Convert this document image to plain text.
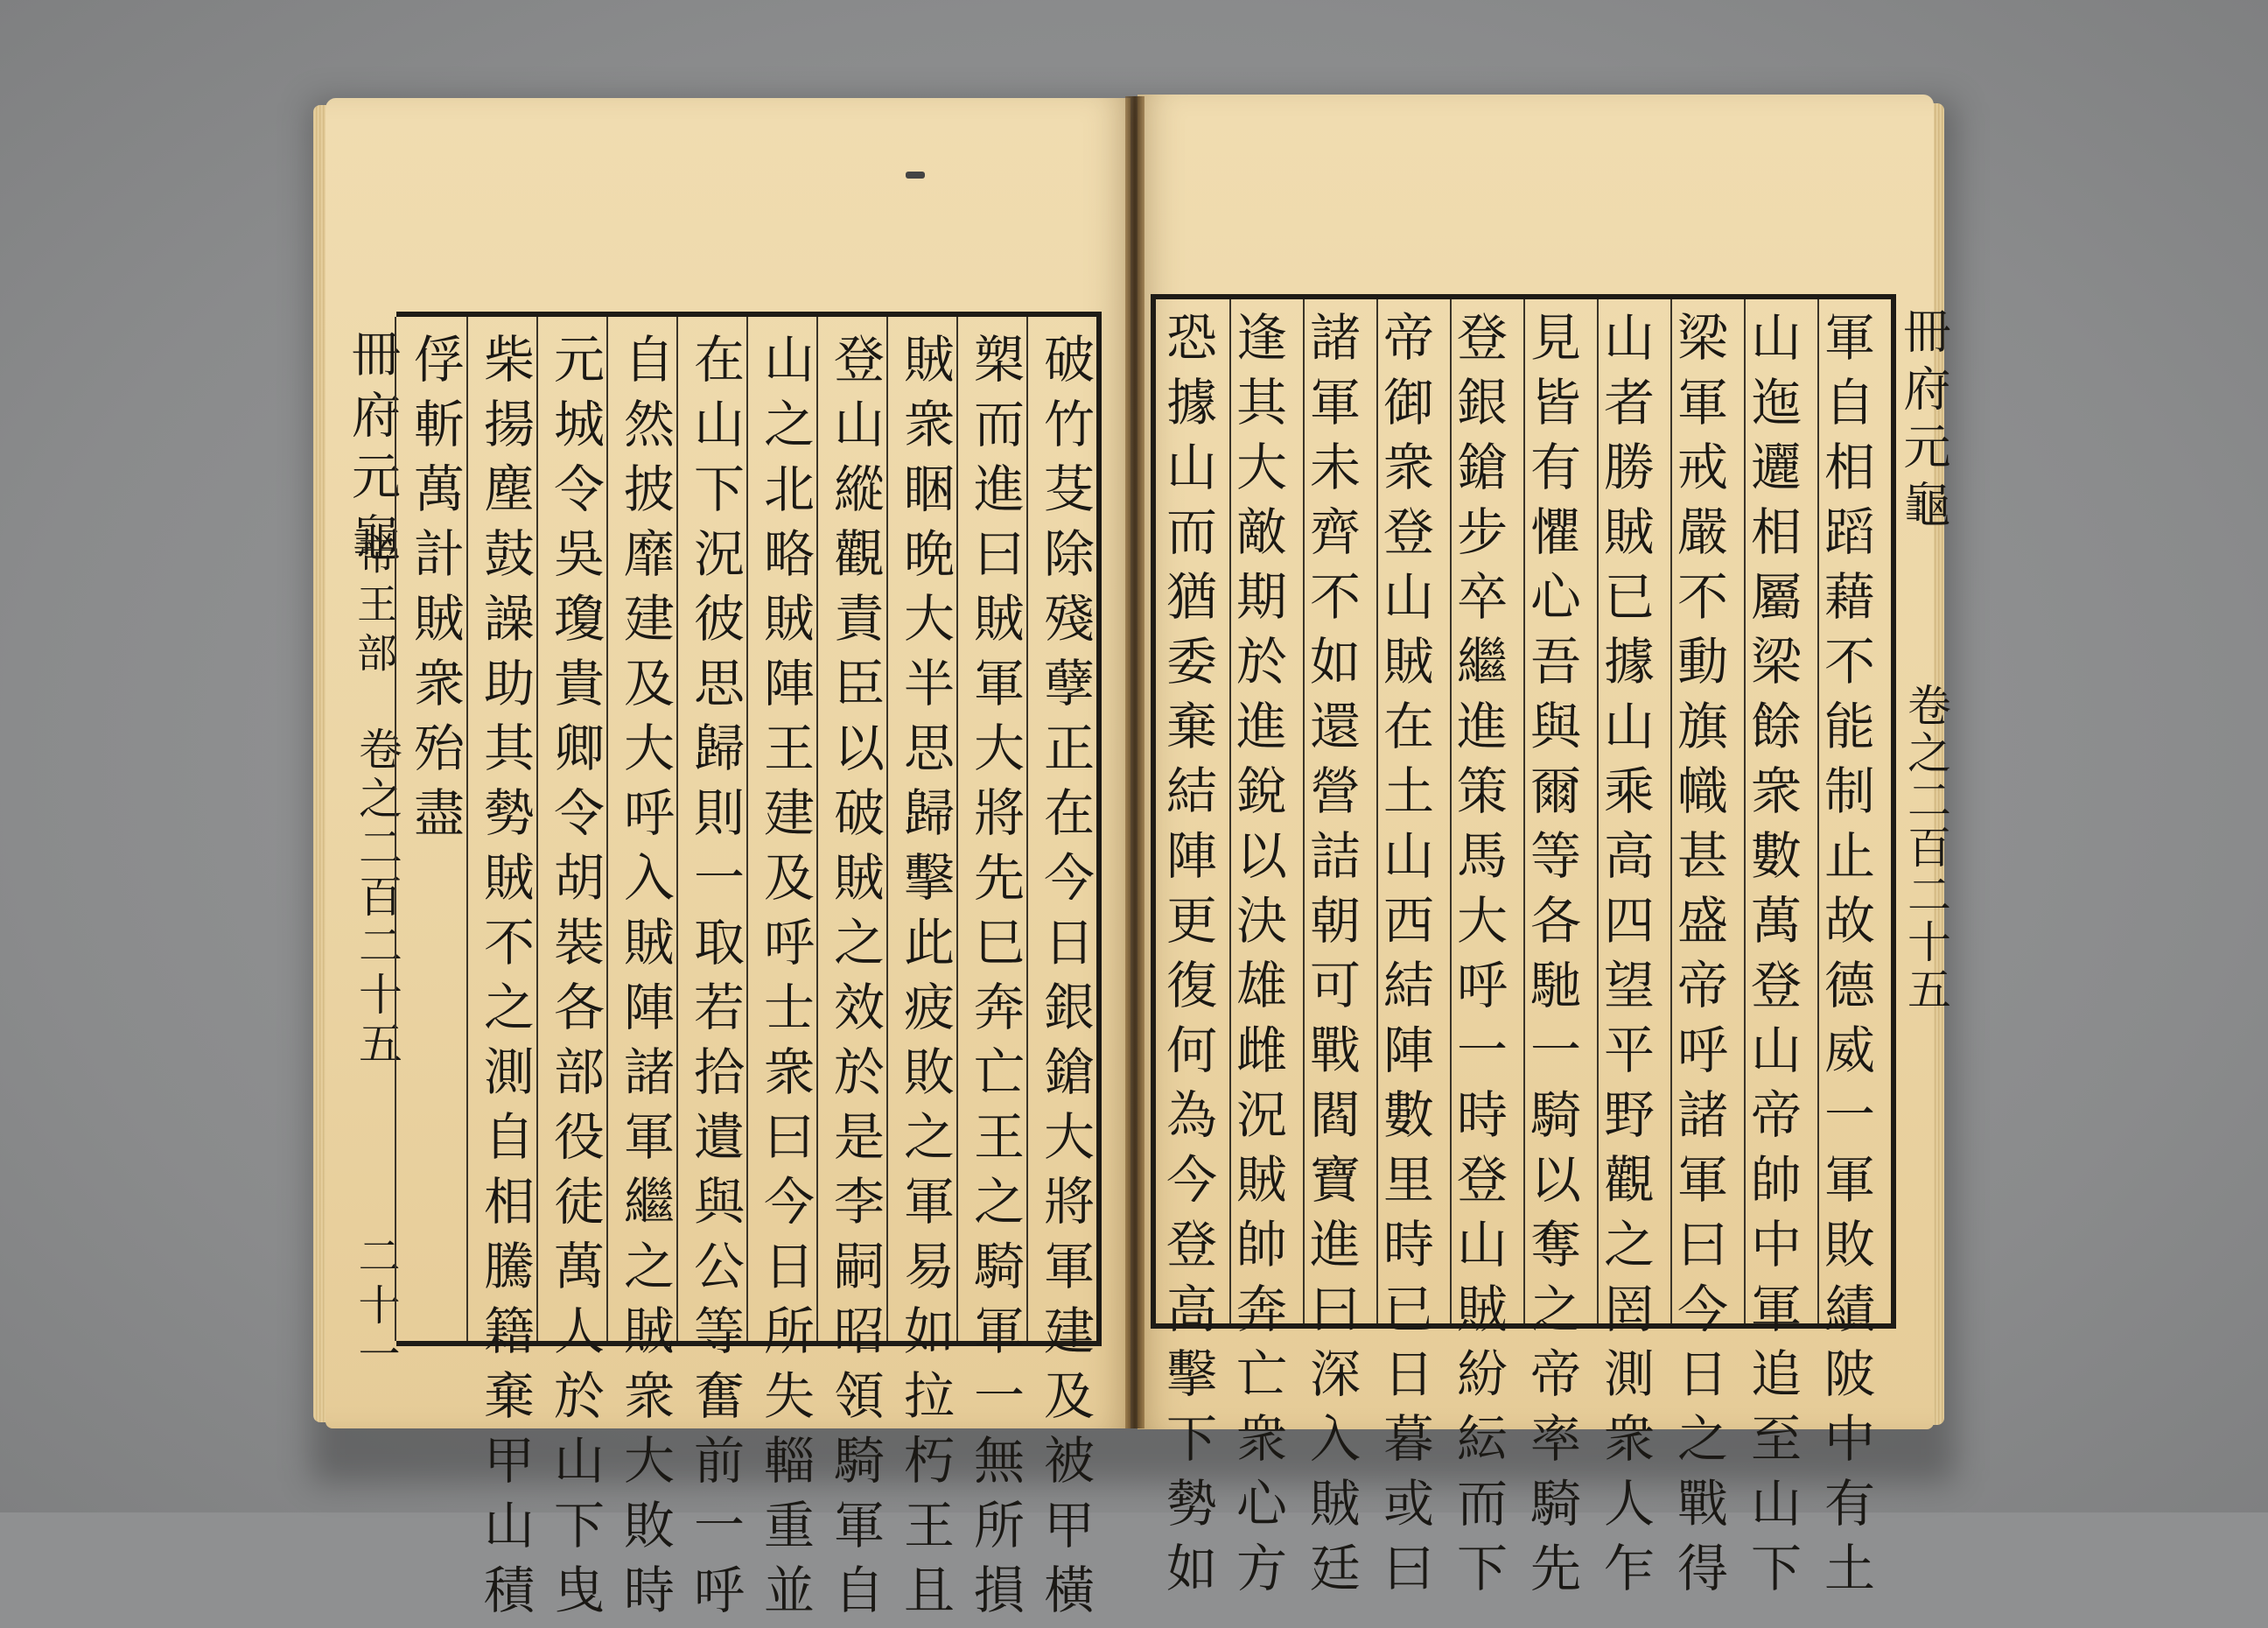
冊府元龜
帝王部
卷之二百二十五
二十一
冊府元龜
卷之二百二十五
破竹芟除殘孽正在今日銀鎗大將軍建及被甲橫
槊而進曰賊軍大將先巳奔亡王之騎軍一無所損
賊衆睏晩大半思歸擊此疲敗之軍易如拉朽王且
登山縱觀責臣以破賊之效於是李嗣昭領騎軍自
山之北略賊陣王建及呼士衆曰今日所失輜重並
在山下況彼思歸則一取若拾遺與公等奮前一呼
自然披靡建及大呼入賊陣諸軍繼之賊衆大敗時
元城令吳瓊貴卿令胡裝各部役徒萬人於山下曳
柴揚塵鼓譟助其勢賊不之測自相騰籍棄甲山積
俘斬萬計賊衆殆盡	軍自相蹈藉不能制止故德威一軍敗績陂中有土
山迤邐相屬梁餘衆數萬登山帝帥中軍追至山下
梁軍戒嚴不動旗幟甚盛帝呼諸軍曰今日之戰得
山者勝賊已據山乘高四望平野觀之罔測衆人乍
見皆有懼心吾與爾等各馳一騎以奪之帝率騎先
登銀鎗步卒繼進策馬大呼一時登山賊紛紜而下
帝御衆登山賊在土山西結陣數里時已日暮或曰
諸軍未齊不如還營詰朝可戰閻寶進曰深入賊廷
逢其大敵期於進銳以決雄雌況賊帥奔亡衆心方
恐據山而猶委棄結陣更復何為今登高擊下勢如
